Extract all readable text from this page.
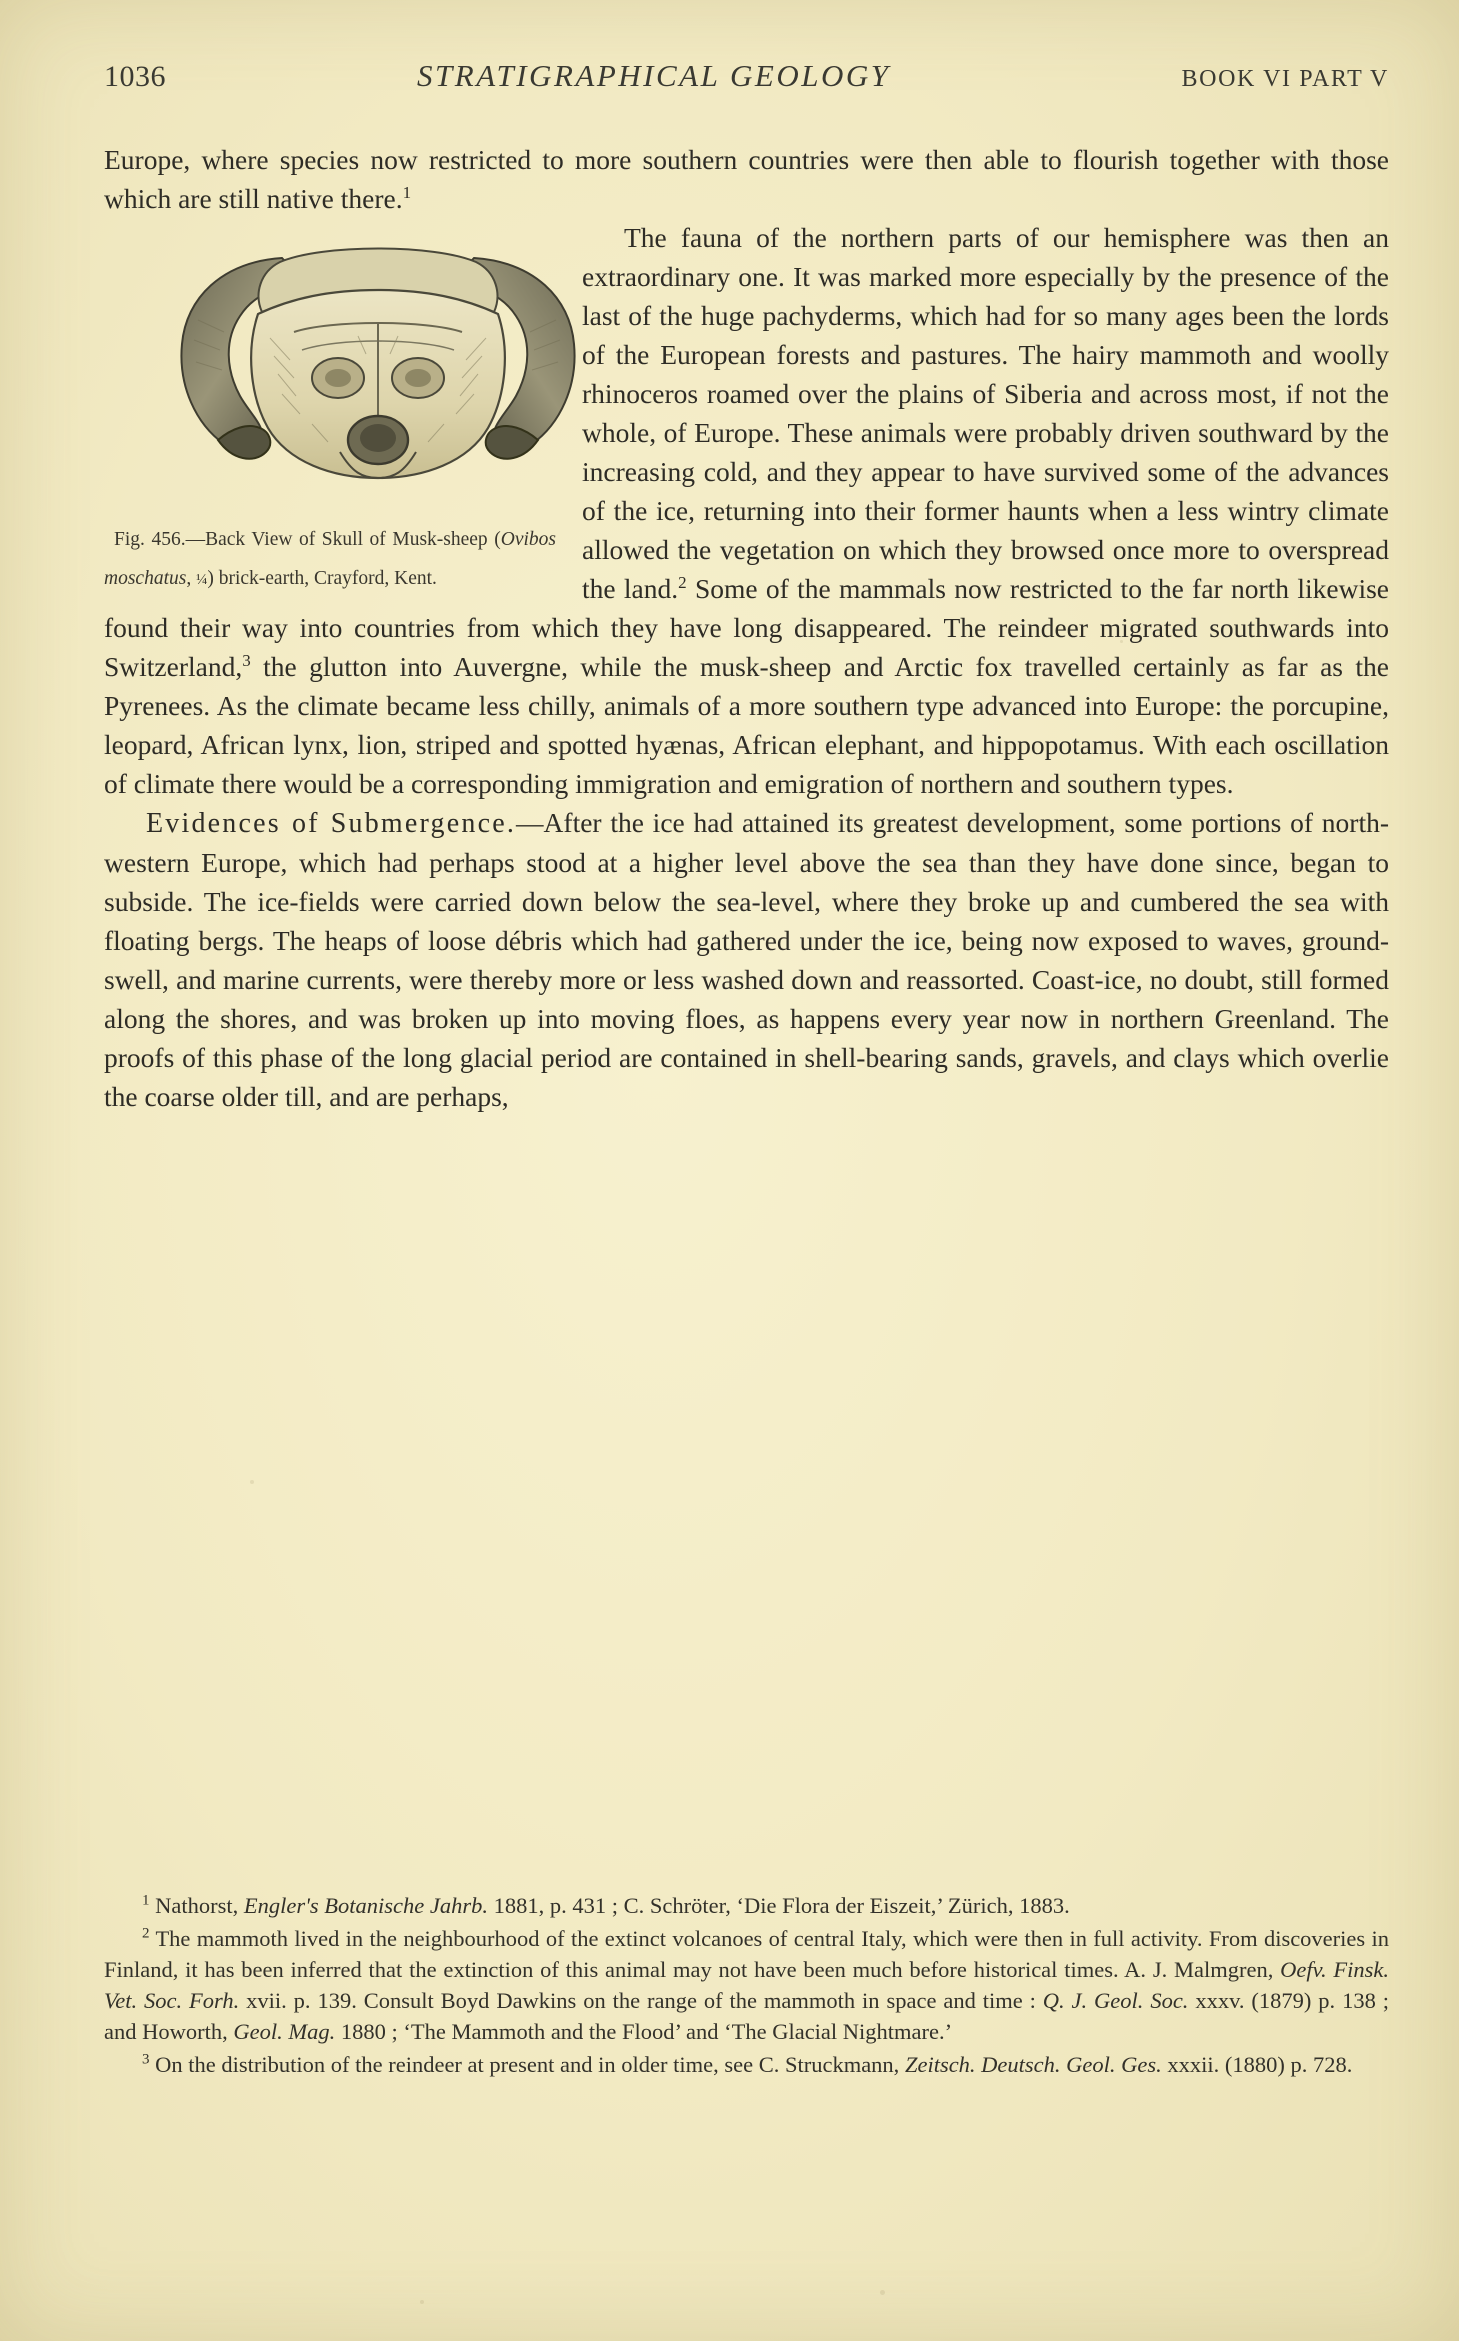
1036	STRATIGRAPHICAL GEOLOGY	BOOK VI PART V

Europe, where species now restricted to more southern countries were then able to flourish together with those which are still native there.$^1$

Fig. 456.—Back View of Skull of Musk-sheep (Ovibos moschatus, ¼) brick-earth, Crayford, Kent.
The fauna of the northern parts of our hemisphere was then an extraordinary one. It was marked more especially by the presence of the last of the huge pachyderms, which had for so many ages been the lords of the European forests and pastures. The hairy mammoth and woolly rhinoceros roamed over the plains of Siberia and across most, if not the whole, of Europe. These animals were probably driven southward by the increasing cold, and they appear to have survived some of the advances of the ice, returning into their former haunts when a less wintry climate allowed the vegetation on which they browsed once more to overspread the land.$^2$ Some of the mammals now restricted to the far north likewise found their way into countries from which they have long disappeared. The reindeer migrated southwards into Switzerland,$^3$ the glutton into Auvergne, while the musk-sheep and Arctic fox travelled certainly as far as the Pyrenees. As the climate became less chilly, animals of a more southern type advanced into Europe: the porcupine, leopard, African lynx, lion, striped and spotted hyænas, African elephant, and hippopotamus. With each oscillation of climate there would be a corresponding immigration and emigration of northern and southern types.

Evidences of Submergence.—After the ice had attained its greatest development, some portions of north-western Europe, which had perhaps stood at a higher level above the sea than they have done since, began to subside. The ice-fields were carried down below the sea-level, where they broke up and cumbered the sea with floating bergs. The heaps of loose débris which had gathered under the ice, being now exposed to waves, ground-swell, and marine currents, were thereby more or less washed down and reassorted. Coast-ice, no doubt, still formed along the shores, and was broken up into moving floes, as happens every year now in northern Greenland. The proofs of this phase of the long glacial period are contained in shell-bearing sands, gravels, and clays which overlie the coarse older till, and are perhaps,

$^1$ Nathorst, Engler's Botanische Jahrb. 1881, p. 431 ; C. Schröter, ‘Die Flora der Eiszeit,’ Zürich, 1883.

$^2$ The mammoth lived in the neighbourhood of the extinct volcanoes of central Italy, which were then in full activity. From discoveries in Finland, it has been inferred that the extinction of this animal may not have been much before historical times. A. J. Malmgren, Oefv. Finsk. Vet. Soc. Forh. xvii. p. 139. Consult Boyd Dawkins on the range of the mammoth in space and time : Q. J. Geol. Soc. xxxv. (1879) p. 138 ; and Howorth, Geol. Mag. 1880 ; ‘The Mammoth and the Flood’ and ‘The Glacial Nightmare.’

$^3$ On the distribution of the reindeer at present and in older time, see C. Struckmann, Zeitsch. Deutsch. Geol. Ges. xxxii. (1880) p. 728.
